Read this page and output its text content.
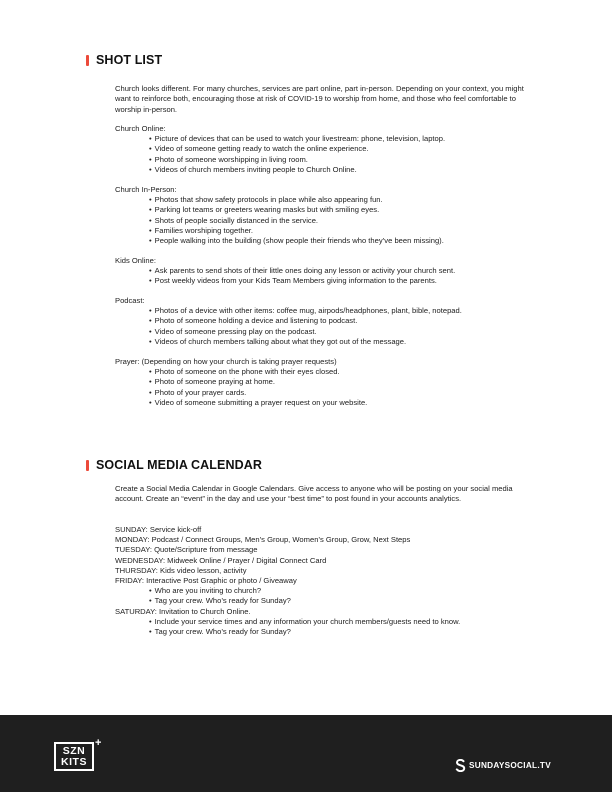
SHOT LIST

Church looks different. For many churches, services are part online, part in-person. Depending on your context, you might want to reinforce both, encouraging those at risk of COVID-19 to worship from home, and those who feel comfortable to worship in-person.

Church Online:
• Picture of devices that can be used to watch your livestream: phone, television, laptop.
• Video of someone getting ready to watch the online experience.
• Photo of someone worshipping in living room.
• Videos of church members inviting people to Church Online.
Church In-Person:
• Photos that show safety protocols in place while also appearing fun.
• Parking lot teams or greeters wearing masks but with smiling eyes.
• Shots of people socially distanced in the service.
• Families worshiping together.
• People walking into the building (show people their friends who they’ve been missing).
Kids Online:
• Ask parents to send shots of their little ones doing any lesson or activity your church sent.
• Post weekly videos from your Kids Team Members giving information to the parents.
Podcast:
• Photos of a device with other items: coffee mug, airpods/headphones, plant, bible, notepad.
• Photo of someone holding a device and listening to podcast.
• Video of someone pressing play on the podcast.
• Videos of church members talking about what they got out of the message.
Prayer: (Depending on how your church is taking prayer requests)
• Photo of someone on the phone with their eyes closed.
• Photo of someone praying at home.
• Photo of your prayer cards.
• Video of someone submitting a prayer request on your website.
SOCIAL MEDIA CALENDAR

Create a Social Media Calendar in Google Calendars. Give access to anyone who will be posting on your social media account. Create an “event” in the day and use your “best time” to post found in your accounts analytics.

SUNDAY: Service kick-off
MONDAY: Podcast / Connect Groups, Men’s Group, Women’s Group, Grow, Next Steps
TUESDAY: Quote/Scripture from message
WEDNESDAY: Midweek Online / Prayer / Digital Connect Card
THURSDAY: Kids video lesson, activity
FRIDAY: Interactive Post Graphic or photo / Giveaway
• Who are you inviting to church?
• Tag your crew. Who’s ready for Sunday?
SATURDAY: Invitation to Church Online.
• Include your service times and any information your church members/guests need to know.
• Tag your crew. Who’s ready for Sunday?
SZN
KITS
+
SUNDAYSOCIAL.TV
